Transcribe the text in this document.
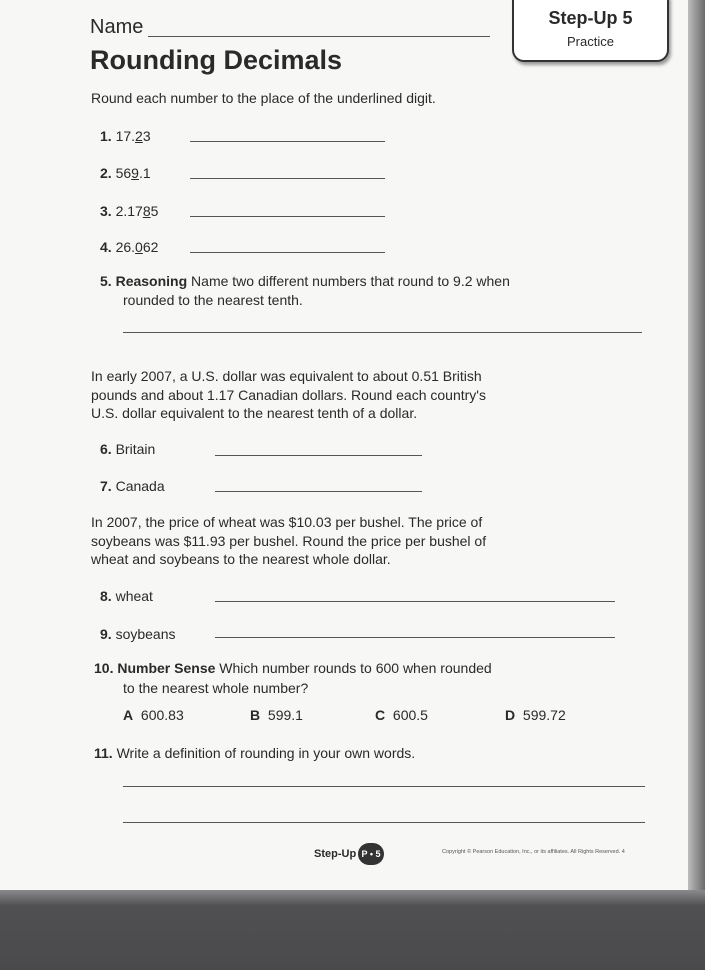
Name	Step-Up 5
Practice
Rounding Decimals
Round each number to the place of the underlined digit.
1. 17.23
2. 569.1
3. 2.1785
4. 26.062
5. Reasoning Name two different numbers that round to 9.2 when
rounded to the nearest tenth.
In early 2007, a U.S. dollar was equivalent to about 0.51 British
pounds and about 1.17 Canadian dollars. Round each country's
U.S. dollar equivalent to the nearest tenth of a dollar.
6. Britain
7. Canada
In 2007, the price of wheat was $10.03 per bushel. The price of
soybeans was $11.93 per bushel. Round the price per bushel of
wheat and soybeans to the nearest whole dollar.
8. wheat
9. soybeans
10. Number Sense Which number rounds to 600 when rounded
to the nearest whole number?
A 600.83	B 599.1	C 600.5	D 599.72
11. Write a definition of rounding in your own words.
Step-Up P • 5	Copyright © Pearson Education, Inc., or its affiliates. All Rights Reserved. 4
